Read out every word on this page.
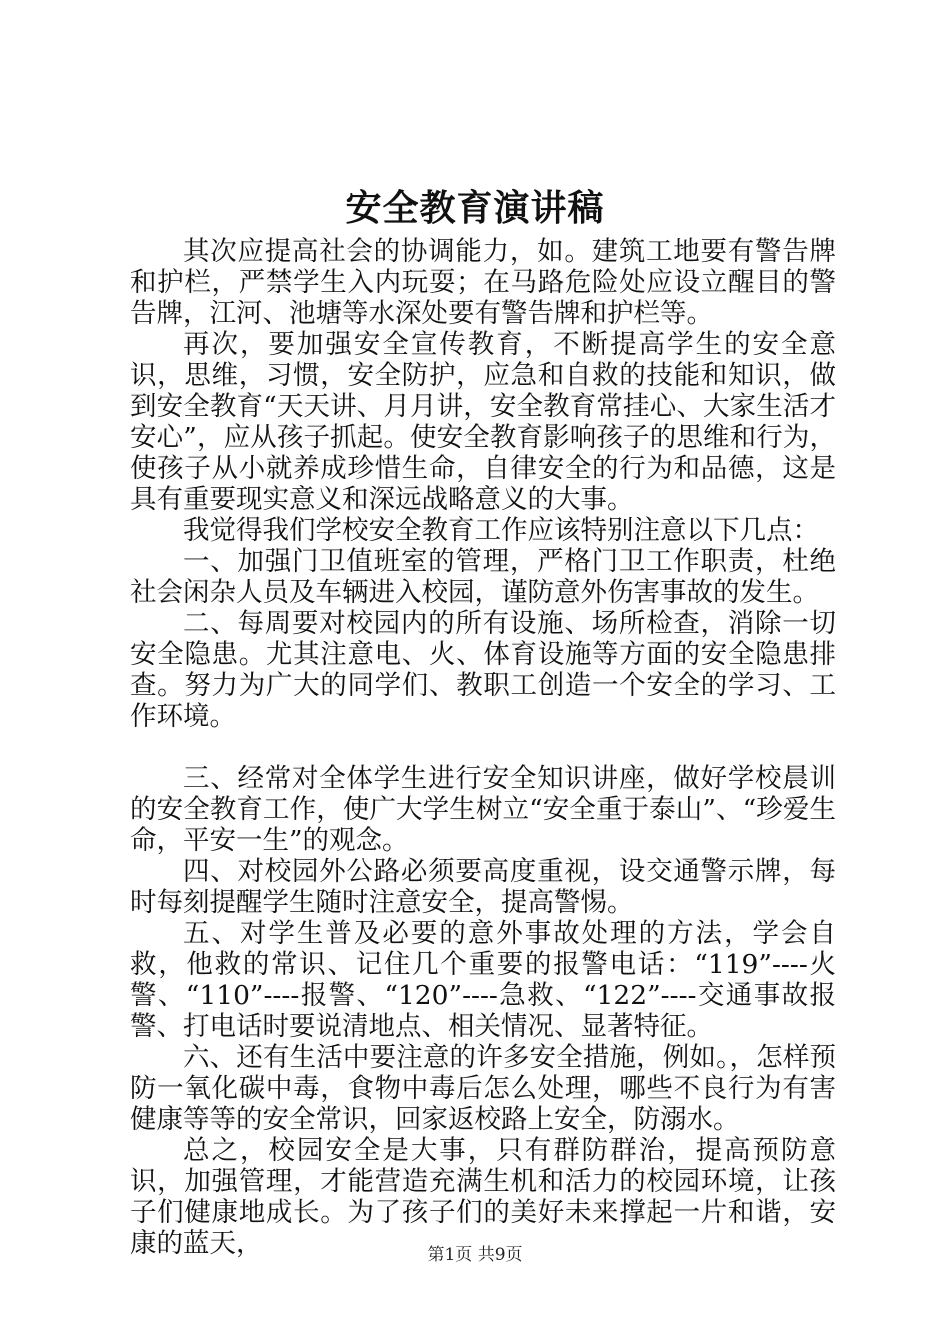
安全教育演讲稿

其次应提高社会的协调能力，如。建筑工地要有警告牌和护栏，严禁学生入内玩耍；在马路危险处应设立醒目的警告牌，江河、池塘等水深处要有警告牌和护栏等。

再次，要加强安全宣传教育，不断提高学生的安全意识，思维，习惯，安全防护，应急和自救的技能和知识，做到安全教育“天天讲、月月讲，安全教育常挂心、大家生活才安心”，应从孩子抓起。使安全教育影响孩子的思维和行为，使孩子从小就养成珍惜生命，自律安全的行为和品德，这是具有重要现实意义和深远战略意义的大事。

我觉得我们学校安全教育工作应该特别注意以下几点：

一、加强门卫值班室的管理，严格门卫工作职责，杜绝社会闲杂人员及车辆进入校园，谨防意外伤害事故的发生。

二、每周要对校园内的所有设施、场所检查，消除一切安全隐患。尤其注意电、火、体育设施等方面的安全隐患排查。努力为广大的同学们、教职工创造一个安全的学习、工作环境。

三、经常对全体学生进行安全知识讲座，做好学校晨训的安全教育工作，使广大学生树立“安全重于泰山”、“珍爱生命，平安一生”的观念。

四、对校园外公路必须要高度重视，设交通警示牌，每时每刻提醒学生随时注意安全，提高警惕。

五、对学生普及必要的意外事故处理的方法，学会自救，他救的常识、记住几个重要的报警电话：“119”----火警、“110”----报警、“120”----急救、“122”----交通事故报警、打电话时要说清地点、相关情况、显著特征。

六、还有生活中要注意的许多安全措施，例如。，怎样预防一氧化碳中毒，食物中毒后怎么处理，哪些不良行为有害健康等等的安全常识，回家返校路上安全，防溺水。

总之，校园安全是大事，只有群防群治，提高预防意识，加强管理，才能营造充满生机和活力的校园环境，让孩子们健康地成长。为了孩子们的美好未来撑起一片和谐，安康的蓝天，	第1页 共9页
